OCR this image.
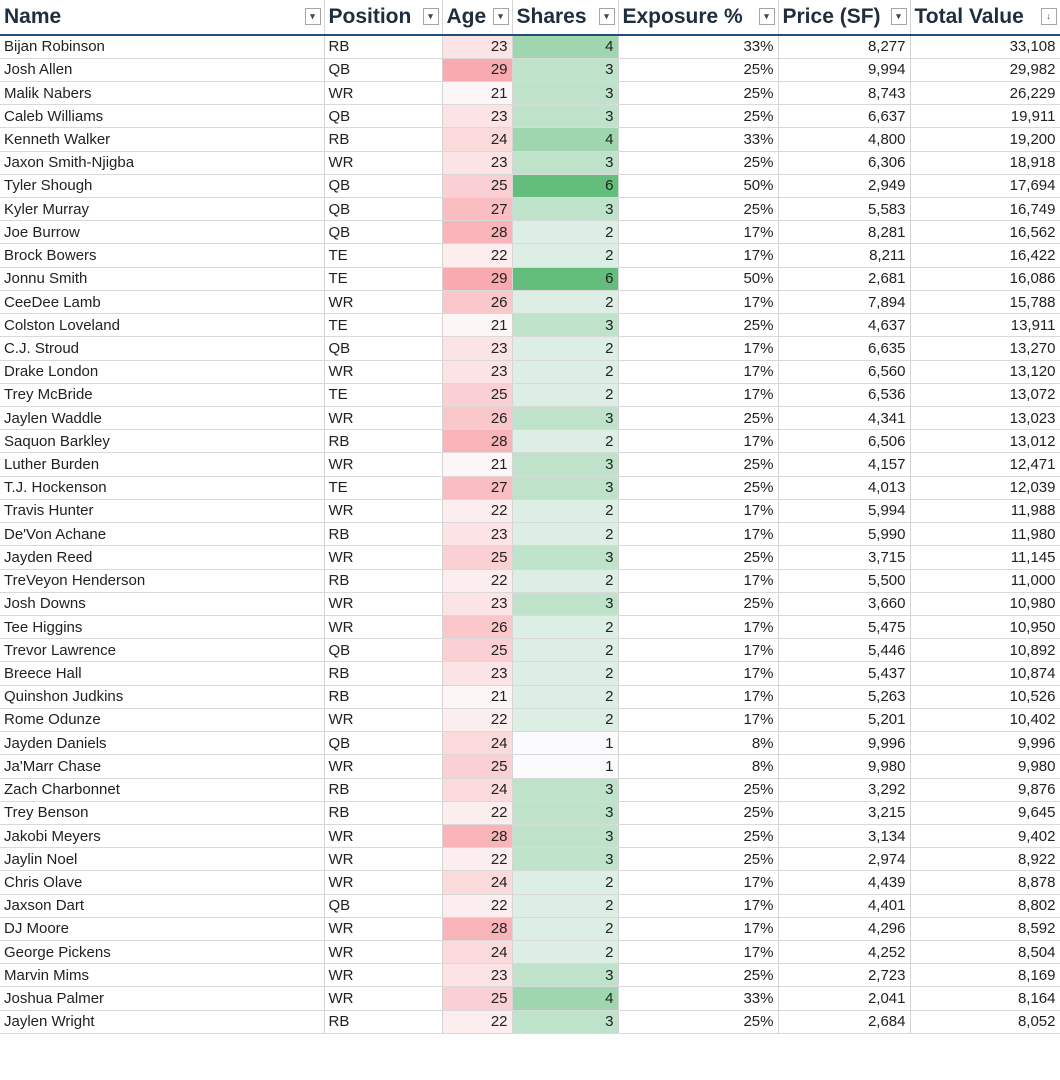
Name ▾	Position ▾	Age ▾	Shares ▾	Exposure % ▾	Price (SF) ▾	Total Value ↓

Bijan Robinson	RB	23	4	33%	8,277	33,108
Josh Allen	QB	29	3	25%	9,994	29,982
Malik Nabers	WR	21	3	25%	8,743	26,229
Caleb Williams	QB	23	3	25%	6,637	19,911
Kenneth Walker	RB	24	4	33%	4,800	19,200
Jaxon Smith-Njigba	WR	23	3	25%	6,306	18,918
Tyler Shough	QB	25	6	50%	2,949	17,694
Kyler Murray	QB	27	3	25%	5,583	16,749
Joe Burrow	QB	28	2	17%	8,281	16,562
Brock Bowers	TE	22	2	17%	8,211	16,422
Jonnu Smith	TE	29	6	50%	2,681	16,086
CeeDee Lamb	WR	26	2	17%	7,894	15,788
Colston Loveland	TE	21	3	25%	4,637	13,911
C.J. Stroud	QB	23	2	17%	6,635	13,270
Drake London	WR	23	2	17%	6,560	13,120
Trey McBride	TE	25	2	17%	6,536	13,072
Jaylen Waddle	WR	26	3	25%	4,341	13,023
Saquon Barkley	RB	28	2	17%	6,506	13,012
Luther Burden	WR	21	3	25%	4,157	12,471
T.J. Hockenson	TE	27	3	25%	4,013	12,039
Travis Hunter	WR	22	2	17%	5,994	11,988
De'Von Achane	RB	23	2	17%	5,990	11,980
Jayden Reed	WR	25	3	25%	3,715	11,145
TreVeyon Henderson	RB	22	2	17%	5,500	11,000
Josh Downs	WR	23	3	25%	3,660	10,980
Tee Higgins	WR	26	2	17%	5,475	10,950
Trevor Lawrence	QB	25	2	17%	5,446	10,892
Breece Hall	RB	23	2	17%	5,437	10,874
Quinshon Judkins	RB	21	2	17%	5,263	10,526
Rome Odunze	WR	22	2	17%	5,201	10,402
Jayden Daniels	QB	24	1	8%	9,996	9,996
Ja'Marr Chase	WR	25	1	8%	9,980	9,980
Zach Charbonnet	RB	24	3	25%	3,292	9,876
Trey Benson	RB	22	3	25%	3,215	9,645
Jakobi Meyers	WR	28	3	25%	3,134	9,402
Jaylin Noel	WR	22	3	25%	2,974	8,922
Chris Olave	WR	24	2	17%	4,439	8,878
Jaxson Dart	QB	22	2	17%	4,401	8,802
DJ Moore	WR	28	2	17%	4,296	8,592
George Pickens	WR	24	2	17%	4,252	8,504
Marvin Mims	WR	23	3	25%	2,723	8,169
Joshua Palmer	WR	25	4	33%	2,041	8,164
Jaylen Wright	RB	22	3	25%	2,684	8,052
